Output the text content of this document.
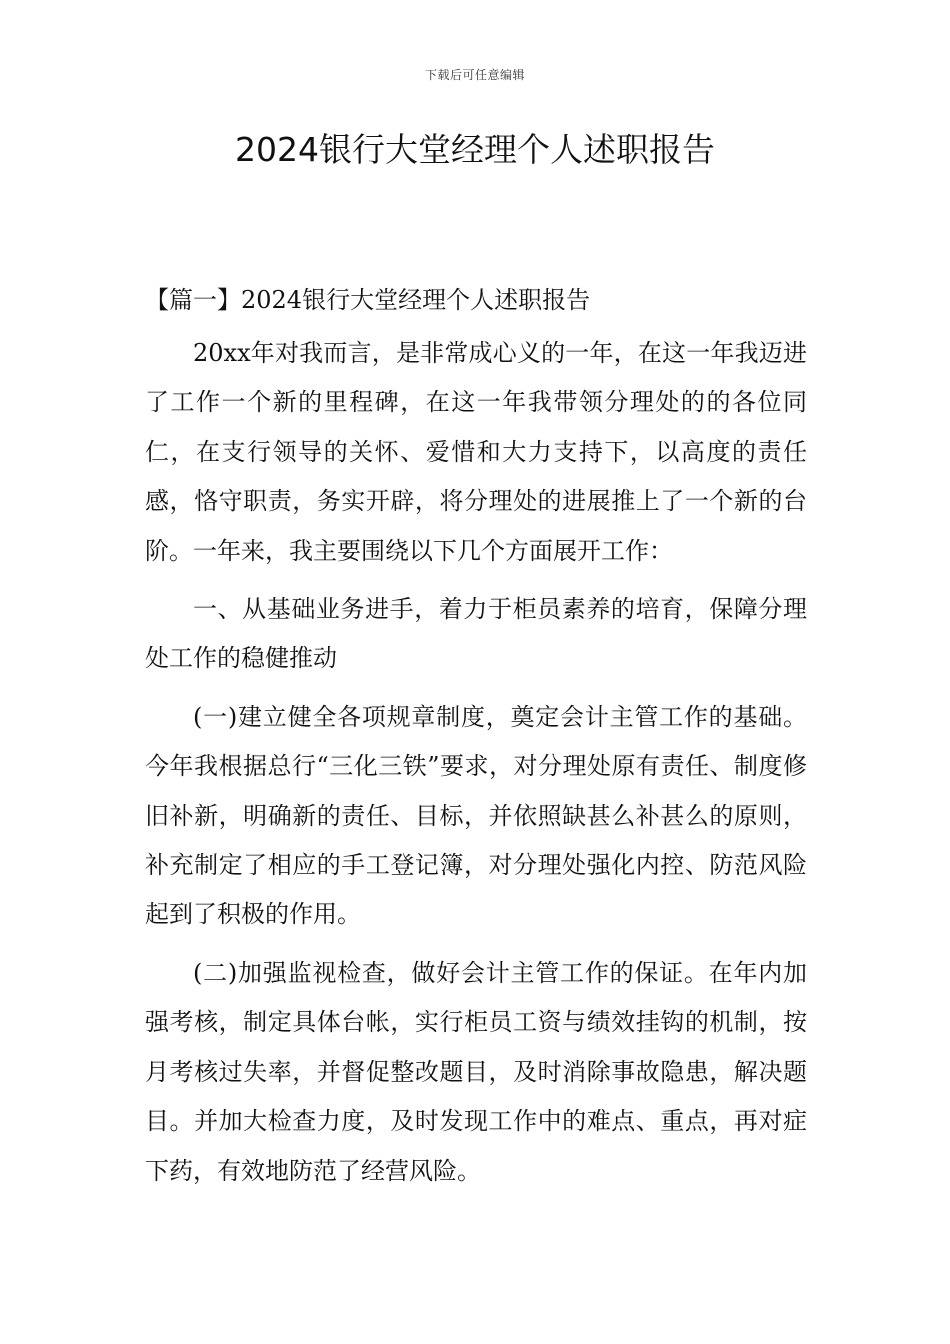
下载后可任意编辑
2024银行大堂经理个人述职报告

【篇一】2024银行大堂经理个人述职报告

20xx年对我而言，是非常成心义的一年，在这一年我迈进了工作一个新的里程碑，在这一年我带领分理处的的各位同仁，在支行领导的关怀、爱惜和大力支持下，以高度的责任感，恪守职责，务实开辟，将分理处的进展推上了一个新的台阶。一年来，我主要围绕以下几个方面展开工作：

一、从基础业务进手，着力于柜员素养的培育，保障分理处工作的稳健推动

(一)建立健全各项规章制度，奠定会计主管工作的基础。今年我根据总行“三化三铁”要求，对分理处原有责任、制度修旧补新，明确新的责任、目标，并依照缺甚么补甚么的原则，补充制定了相应的手工登记簿，对分理处强化内控、防范风险起到了积极的作用。

(二)加强监视检查，做好会计主管工作的保证。在年内加强考核，制定具体台帐，实行柜员工资与绩效挂钩的机制，按月考核过失率，并督促整改题目，及时消除事故隐患，解决题目。并加大检查力度，及时发现工作中的难点、重点，再对症下药，有效地防范了经营风险。
